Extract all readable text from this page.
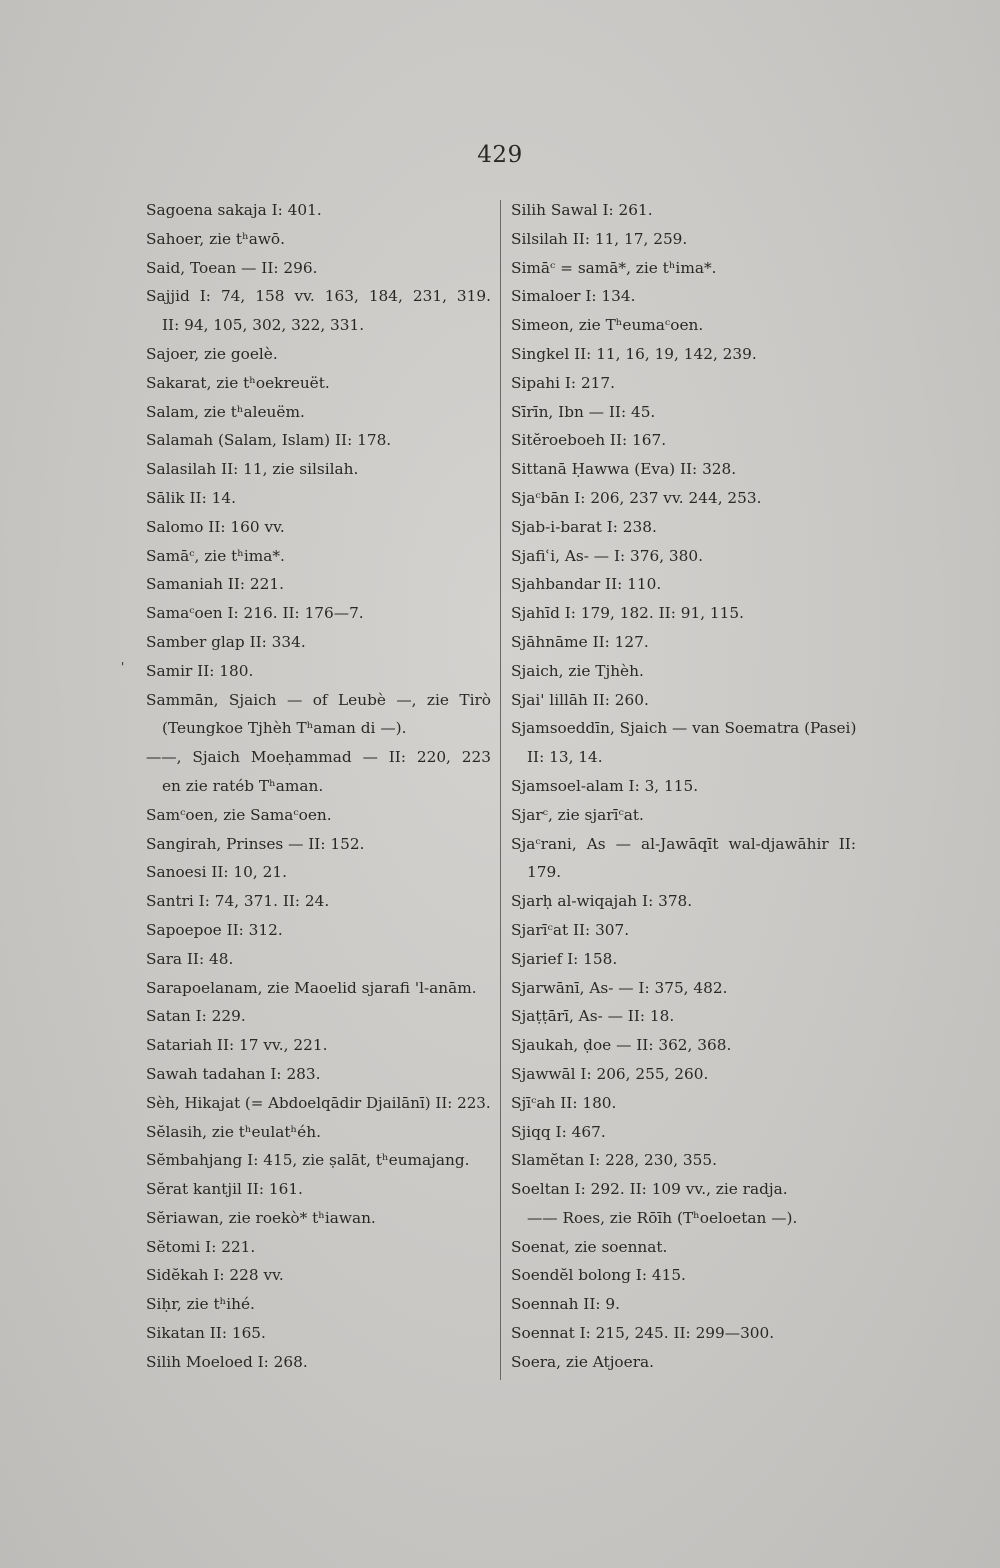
429
'
Sagoena sakaja I: 401.
Sahoer, zie tʰawō.
Said, Toean — II: 296.
Sajjid I: 74, 158 vv. 163, 184, 231, 319.
II: 94, 105, 302, 322, 331.
Sajoer, zie goelè.
Sakarat, zie tʰoekreuët.
Salam, zie tʰaleuëm.
Salamah (Salam, Islam) II: 178.
Salasilah II: 11, zie silsilah.
Sālik II: 14.
Salomo II: 160 vv.
Samāᶜ, zie tʰima*.
Samaniah II: 221.
Samaᶜoen I: 216. II: 176—7.
Samber glap II: 334.
Samir II: 180.
Sammān, Sjaich — of Leubè —, zie Tirò
(Teungkoe Tjhèh Tʰaman di —).
——, Sjaich Moeḥammad — II: 220, 223
en zie ratéb Tʰaman.
Samᶜoen, zie Samaᶜoen.
Sangirah, Prinses — II: 152.
Sanoesi II: 10, 21.
Santri I: 74, 371. II: 24.
Sapoepoe II: 312.
Sara II: 48.
Sarapoelanam, zie Maoelid sjarafi 'l-anām.
Satan I: 229.
Satariah II: 17 vv., 221.
Sawah tadahan I: 283.
Sèh, Hikajat (= Abdoelqādir Djailānī) II: 223.
Sĕlasih, zie tʰeulatʰéh.
Sĕmbahjang I: 415, zie ṣalāt, tʰeumajang.
Sĕrat kantjil II: 161.
Sĕriawan, zie roekò* tʰiawan.
Sĕtomi I: 221.
Sidĕkah I: 228 vv.
Siḥr, zie tʰihé.
Sikatan II: 165.
Silih Moeloed I: 268.
Silih Sawal I: 261.
Silsilah II: 11, 17, 259.
Simāᶜ = samā*, zie tʰima*.
Simaloer I: 134.
Simeon, zie Tʰeumaᶜoen.
Singkel II: 11, 16, 19, 142, 239.
Sipahi I: 217.
Sīrīn, Ibn — II: 45.
Sitĕroeboeh II: 167.
Sittanā Ḥawwa (Eva) II: 328.
Sjaᶜbān I: 206, 237 vv. 244, 253.
Sjab-i-barat I: 238.
Sjafiʿi, As- — I: 376, 380.
Sjahbandar II: 110.
Sjahīd I: 179, 182. II: 91, 115.
Sjāhnāme II: 127.
Sjaich, zie Tjhèh.
Sjai' lillāh II: 260.
Sjamsoeddīn, Sjaich — van Soematra (Pasei)
II: 13, 14.
Sjamsoel-alam I: 3, 115.
Sjarᶜ, zie sjarīᶜat.
Sjaᶜrani, As — al-Jawāqīt wal-djawāhir II:
179.
Sjarḥ al-wiqajah I: 378.
Sjarīᶜat II: 307.
Sjarief I: 158.
Sjarwānī, As- — I: 375, 482.
Sjaṭṭārī, As- — II: 18.
Sjaukah, ḍoe — II: 362, 368.
Sjawwāl I: 206, 255, 260.
Sjīᶜah II: 180.
Sjiqq I: 467.
Slamĕtan I: 228, 230, 355.
Soeltan I: 292. II: 109 vv., zie radja.
—— Roes, zie Rōīh (Tʰoeloetan —).
Soenat, zie soennat.
Soendĕl bolong I: 415.
Soennah II: 9.
Soennat I: 215, 245. II: 299—300.
Soera, zie Atjoera.
